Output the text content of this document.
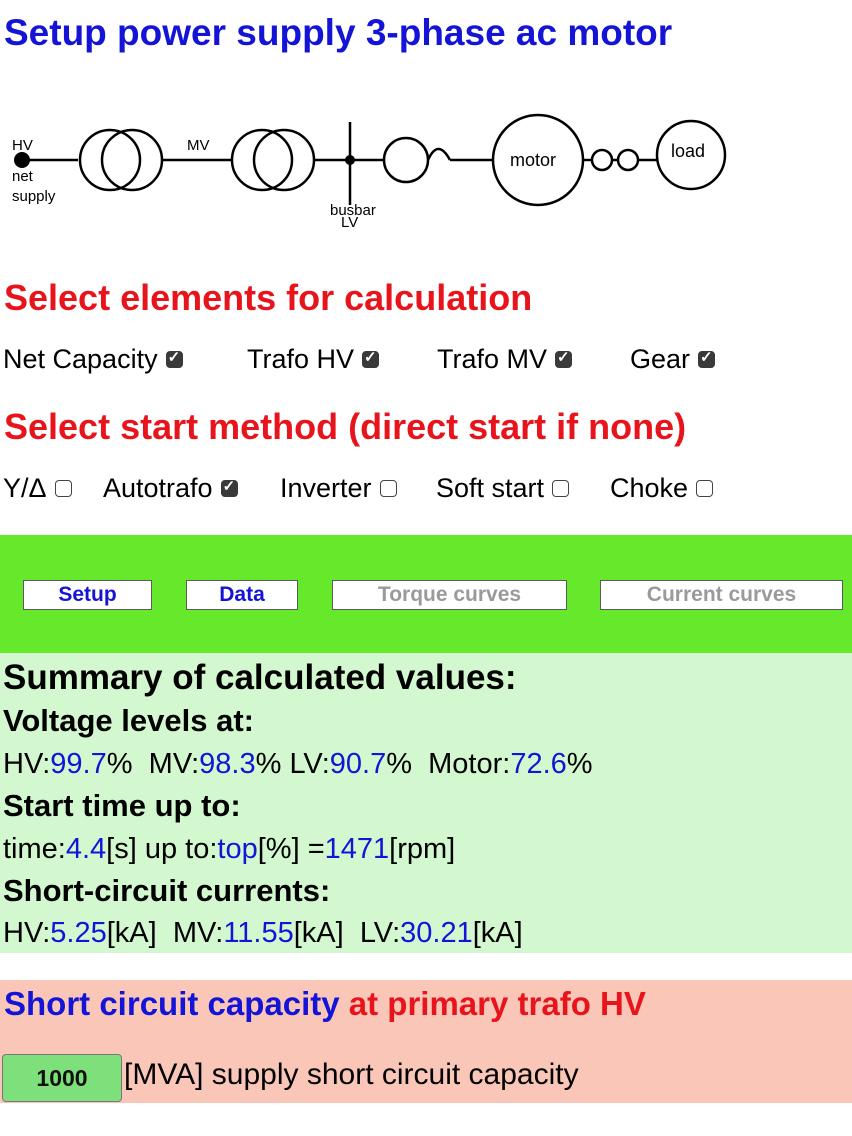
Setup power supply 3-phase ac motor
HV
net
supply
MV
busbar
LV
motor	load
Select elements for calculation
Net Capacity ✓	Trafo HV ✓	Trafo MV ✓	Gear
✓
Select start method (direct start if none)
Y/Δ Autotrafo ✓ Inverter Soft start Choke
Setup	Data	Torque curves	Current curves
Summary of calculated values:
Voltage levels at:
HV:99.7% MV:98.3% LV:90.7% Motor:72.6%
Start time up to:
time:4.4[s] up to:top[%] =1471[rpm]
Short-circuit currents:
HV:5.25[kA] MV:11.55[kA] LV:30.21[kA]
Short circuit capacity at primary trafo HV
1000	[MVA] supply short circuit capacity
